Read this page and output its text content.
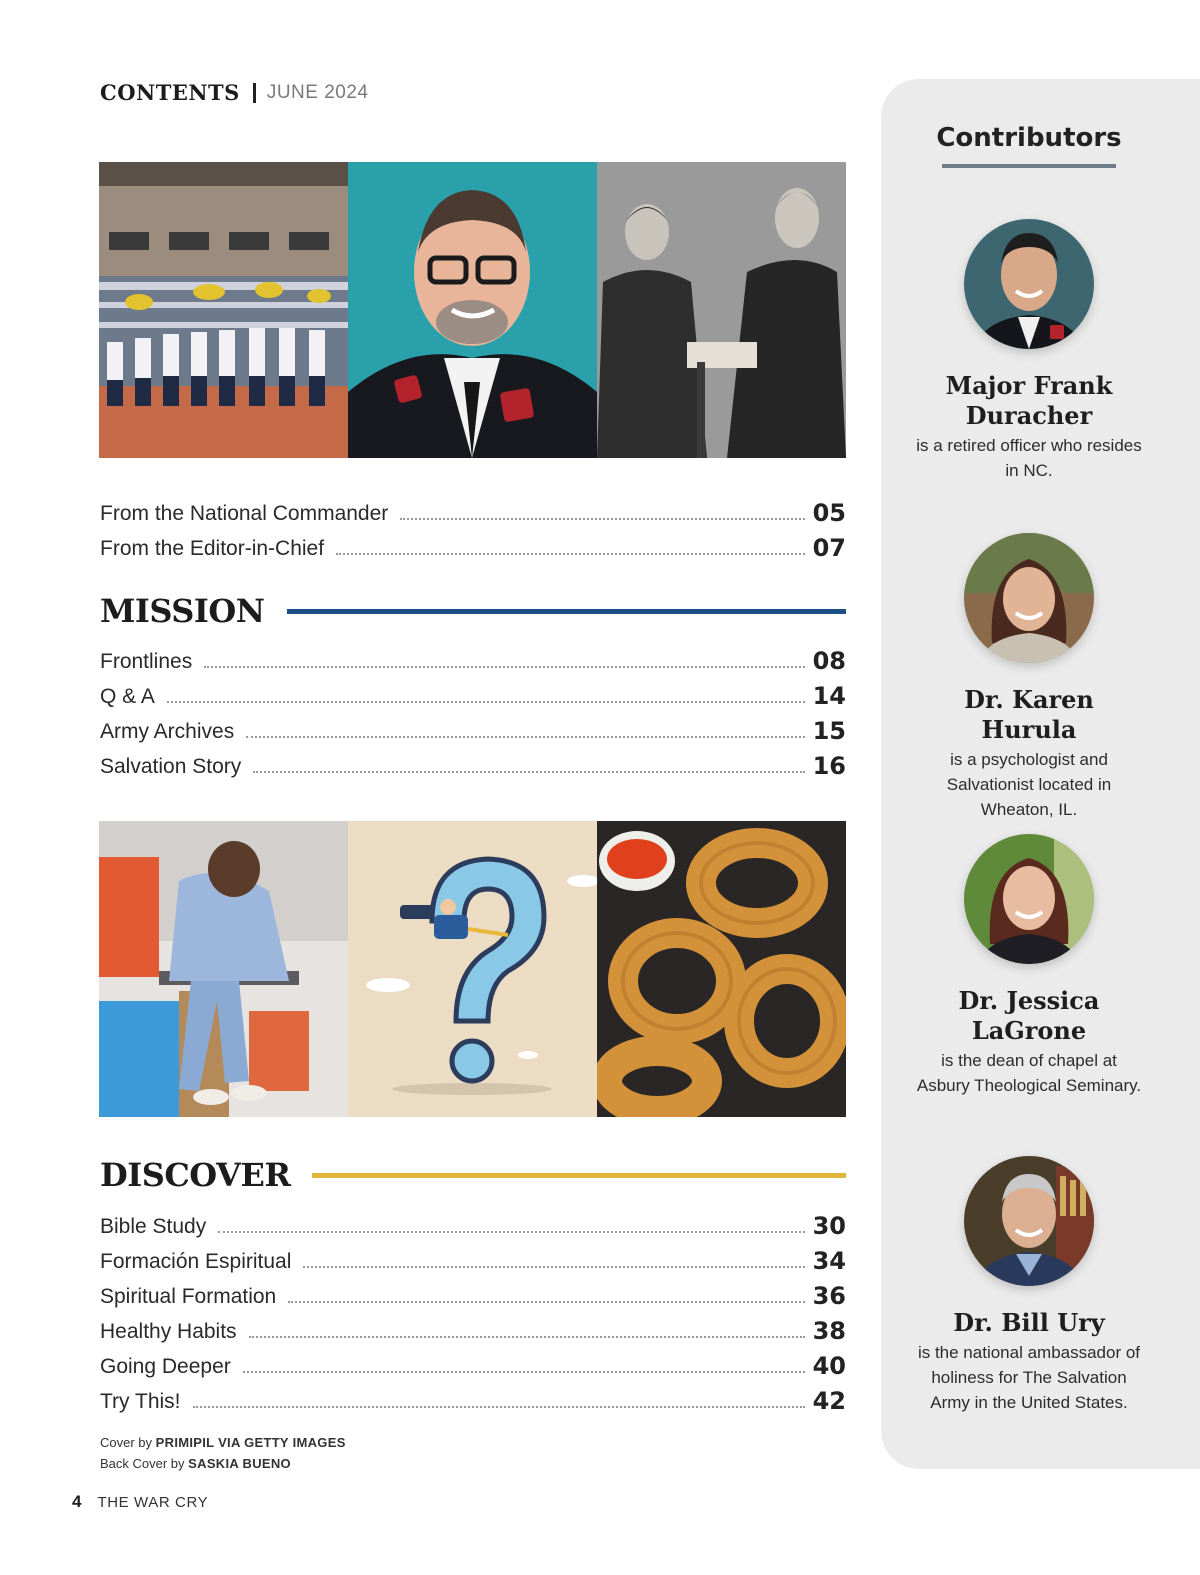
CONTENTS JUNE 2024
From the National Commander	05
From the Editor-in-Chief	07
MISSION
Frontlines	08
Q & A	14
Army Archives	15
Salvation Story	16
DISCOVER
Bible Study	30
Formación Espiritual	34
Spiritual Formation	36
Healthy Habits	38
Going Deeper	40
Try This!	42
Cover by PRIMIPIL VIA GETTY IMAGES
Back Cover by SASKIA BUENO
4 THE WAR CRY
Contributors
Major Frank Duracher
is a retired officer who resides in NC.
Dr. Karen Hurula
is a psychologist and Salvationist located in Wheaton, IL.
Dr. Jessica LaGrone
is the dean of chapel at Asbury Theological Seminary.
Dr. Bill Ury
is the national ambassador of holiness for The Salvation Army in the United States.
